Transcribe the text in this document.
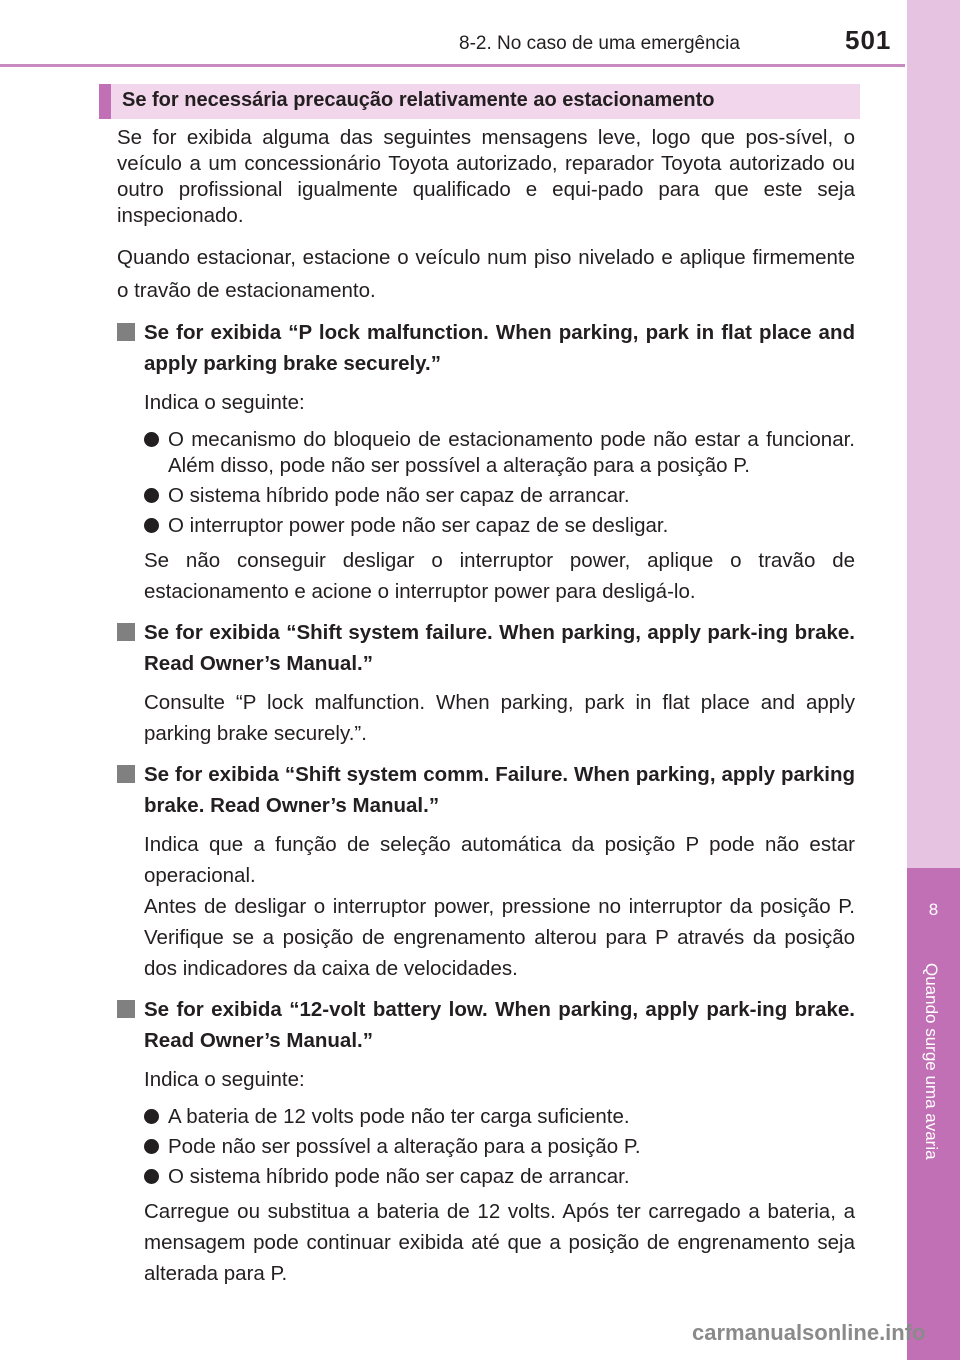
8-2. No caso de uma emergência	501
8
Quando surge uma avaria
Se for necessária precaução relativamente ao estacionamento

Se for exibida alguma das seguintes mensagens leve, logo que pos-sível, o veículo a um concessionário Toyota autorizado, reparador Toyota autorizado ou outro profissional igualmente qualificado e equi-pado para que este seja inspecionado.

Quando estacionar, estacione o veículo num piso nivelado e aplique firmemente o travão de estacionamento.

Se for exibida “P lock malfunction. When parking, park in flat place and apply parking brake securely.”

Indica o seguinte:

O mecanismo do bloqueio de estacionamento pode não estar a funcionar. Além disso, pode não ser possível a alteração para a posição P.
O sistema híbrido pode não ser capaz de arrancar.
O interruptor power pode não ser capaz de se desligar.

Se não conseguir desligar o interruptor power, aplique o travão de estacionamento e acione o interruptor power para desligá-lo.

Se for exibida “Shift system failure. When parking, apply park-ing brake. Read Owner’s Manual.”

Consulte “P lock malfunction. When parking, park in flat place and apply parking brake securely.”.

Se for exibida “Shift system comm. Failure. When parking, apply parking brake. Read Owner’s Manual.”

Indica que a função de seleção automática da posição P pode não estar operacional.

Antes de desligar o interruptor power, pressione no interruptor da posição P. Verifique se a posição de engrenamento alterou para P através da posição dos indicadores da caixa de velocidades.

Se for exibida “12-volt battery low. When parking, apply park-ing brake. Read Owner’s Manual.”

Indica o seguinte:

A bateria de 12 volts pode não ter carga suficiente.
Pode não ser possível a alteração para a posição P.
O sistema híbrido pode não ser capaz de arrancar.

Carregue ou substitua a bateria de 12 volts. Após ter carregado a bateria, a mensagem pode continuar exibida até que a posição de engrenamento seja alterada para P.

carmanualsonline.info
